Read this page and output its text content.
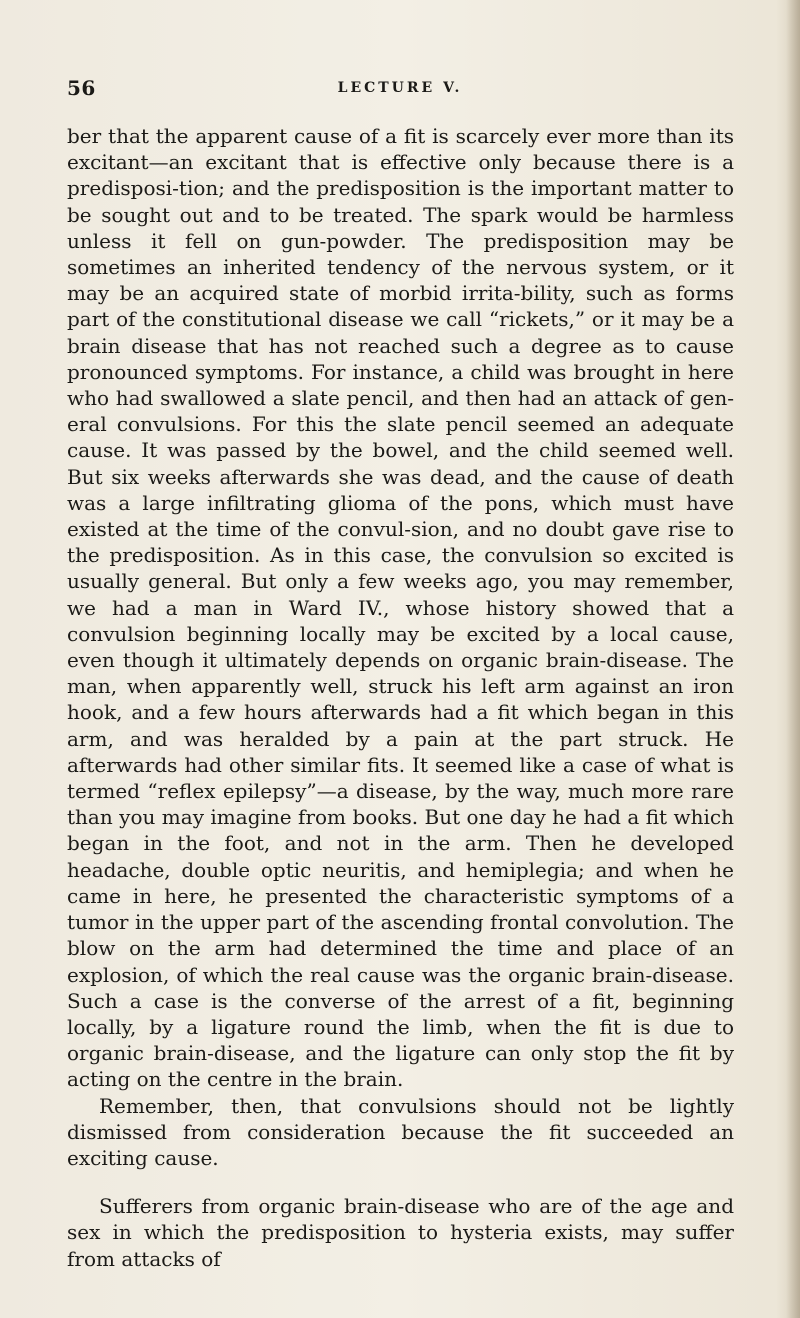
56	LECTURE V.

ber that the apparent cause of a fit is scarcely ever more than its excitant—an excitant that is effective only because there is a predisposi-tion; and the predisposition is the important matter to be sought out and to be treated. The spark would be harmless unless it fell on gun-powder. The predisposition may be sometimes an inherited tendency of the nervous system, or it may be an acquired state of morbid irrita-bility, such as forms part of the constitutional disease we call “rickets,” or it may be a brain disease that has not reached such a degree as to cause pronounced symptoms. For instance, a child was brought in here who had swallowed a slate pencil, and then had an attack of gen-eral convulsions. For this the slate pencil seemed an adequate cause. It was passed by the bowel, and the child seemed well. But six weeks afterwards she was dead, and the cause of death was a large infiltrating glioma of the pons, which must have existed at the time of the convul-sion, and no doubt gave rise to the predisposition. As in this case, the convulsion so excited is usually general. But only a few weeks ago, you may remember, we had a man in Ward IV., whose history showed that a convulsion beginning locally may be excited by a local cause, even though it ultimately depends on organic brain-disease. The man, when apparently well, struck his left arm against an iron hook, and a few hours afterwards had a fit which began in this arm, and was heralded by a pain at the part struck. He afterwards had other similar fits. It seemed like a case of what is termed “reflex epilepsy”—a disease, by the way, much more rare than you may imagine from books. But one day he had a fit which began in the foot, and not in the arm. Then he developed headache, double optic neuritis, and hemiplegia; and when he came in here, he presented the characteristic symptoms of a tumor in the upper part of the ascending frontal convolution. The blow on the arm had determined the time and place of an explosion, of which the real cause was the organic brain-disease. Such a case is the converse of the arrest of a fit, beginning locally, by a ligature round the limb, when the fit is due to organic brain-disease, and the ligature can only stop the fit by acting on the centre in the brain.

Remember, then, that convulsions should not be lightly dismissed from consideration because the fit succeeded an exciting cause.

Sufferers from organic brain-disease who are of the age and sex in which the predisposition to hysteria exists, may suffer from attacks of
